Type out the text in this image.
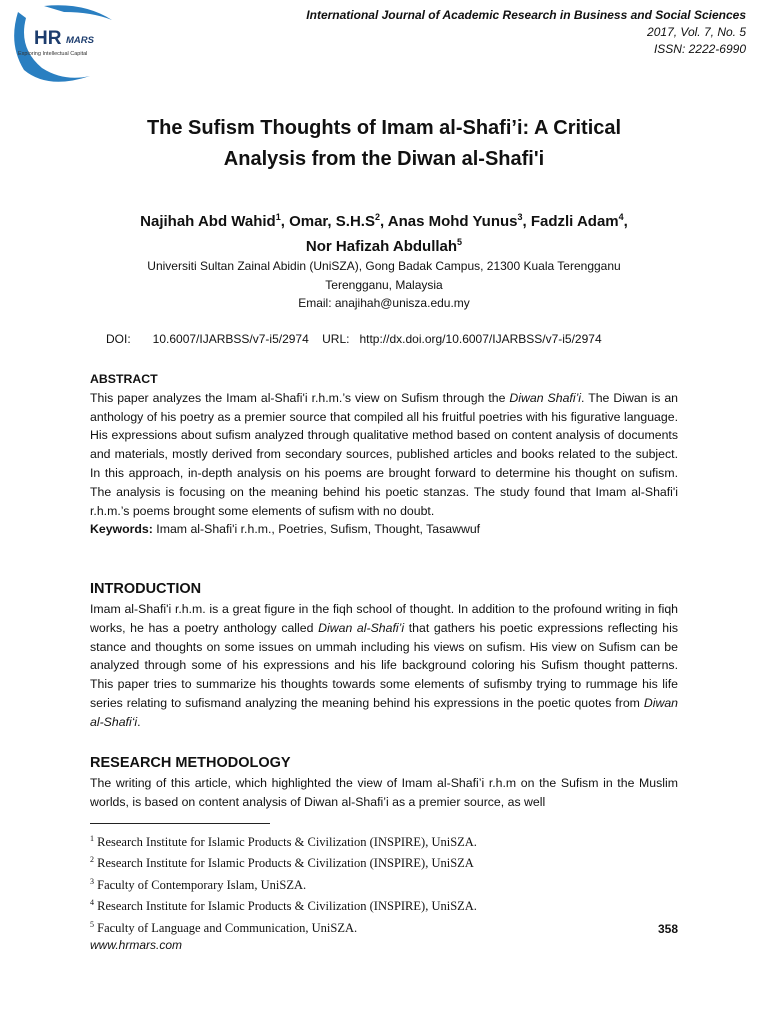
HR MARS
Exploring Intellectual Capital
International Journal of Academic Research in Business and Social Sciences
2017, Vol. 7, No. 5
ISSN: 2222-6990
The Sufism Thoughts of Imam al-Shafi’i: A Critical
Analysis from the Diwan al-Shafi'i
Najihah Abd Wahid$^1$, Omar, $S.H.S^2$, Anas Mohd Yunus$^3$, Fadzli Adam$^4$,
Nor Hafizah Abdullah$^5$
Universiti Sultan Zainal Abidin (UniSZA), Gong Badak Campus, 21300 Kuala Terengganu
Terengganu, Malaysia
Email: anajihah@unisza.edu.my
DOI: 10.6007/IJARBSS/v7-i5/2974 URL: http://dx.doi.org/10.6007/IJARBSS/v7-i5/2974
ABSTRACT
This paper analyzes the Imam al-Shafi'i r.h.m.’s view on Sufism through the Diwan Shafi’i. The Diwan is an anthology of his poetry as a premier source that compiled all his fruitful poetries with his figurative language. His expressions about sufism analyzed through qualitative method based on content analysis of documents and materials, mostly derived from secondary sources, published articles and books related to the subject. In this approach, in-depth analysis on his poems are brought forward to determine his thought on sufism. The analysis is focusing on the meaning behind his poetic stanzas. The study found that Imam al-Shafi'i r.h.m.’s poems brought some elements of sufism with no doubt.
Keywords: Imam al-Shafi'i r.h.m., Poetries, Sufism, Thought, Tasawwuf
INTRODUCTION
Imam al-Shafi'i r.h.m. is a great figure in the fiqh school of thought. In addition to the profound writing in fiqh works, he has a poetry anthology called Diwan al-Shafi’i that gathers his poetic expressions reflecting his stance and thoughts on some issues on ummah including his views on sufism. His view on Sufism can be analyzed through some of his expressions and his life background coloring his Sufism thought patterns. This paper tries to summarize his thoughts towards some elements of sufismby trying to rummage his life series relating to sufismand analyzing the meaning behind his expressions in the poetic quotes from Diwan al-Shafi‘i.
RESEARCH METHODOLOGY
The writing of this article, which highlighted the view of Imam al-Shafi’i r.h.m on the Sufism in the Muslim worlds, is based on content analysis of Diwan al-Shafi’i as a premier source, as well
$^1$ Research Institute for Islamic Products & Civilization (INSPIRE), UniSZA.
$^2$ Research Institute for Islamic Products & Civilization (INSPIRE), UniSZA
$^3$ Faculty of Contemporary Islam, UniSZA.
$^4$ Research Institute for Islamic Products & Civilization (INSPIRE), UniSZA.
$^5$ Faculty of Language and Communication, UniSZA.	358
www.hrmars.com
